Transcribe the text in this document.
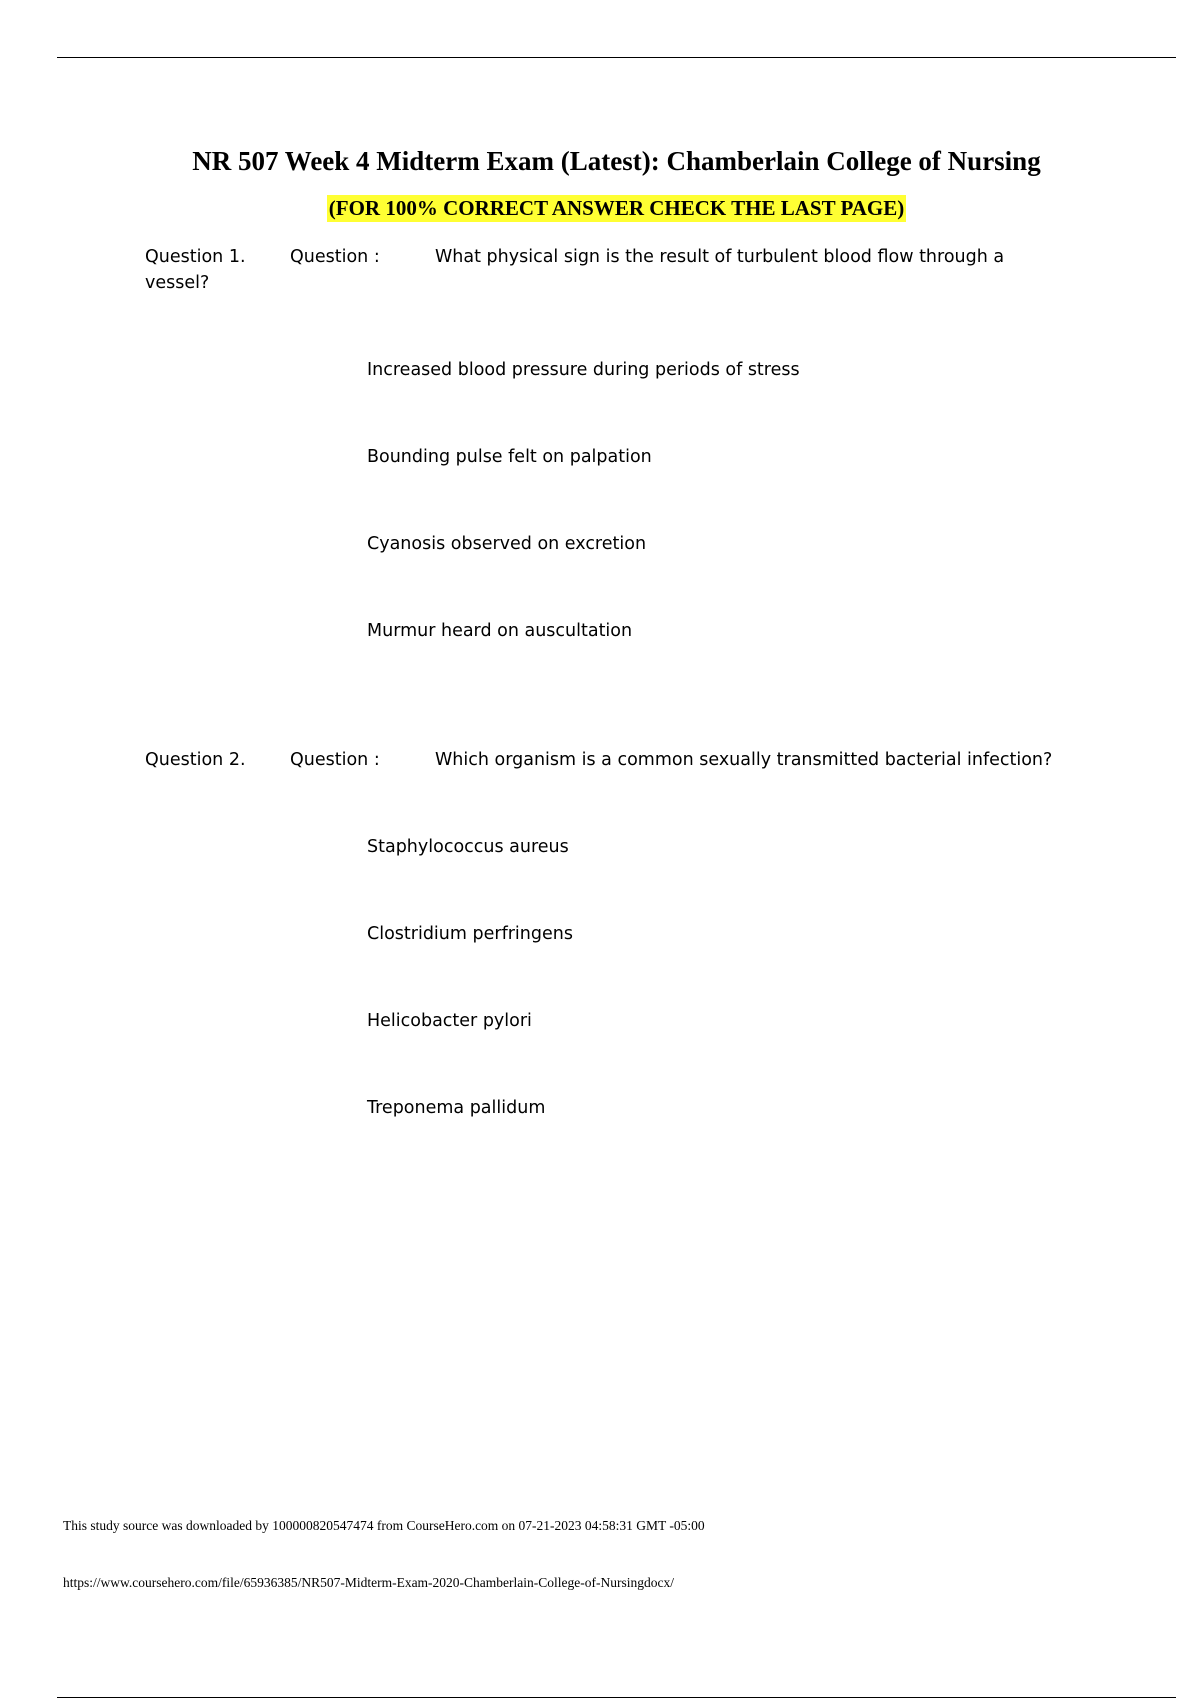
NR 507 Week 4 Midterm Exam (Latest): Chamberlain College of Nursing
(FOR 100% CORRECT ANSWER CHECK THE LAST PAGE)
Question 1.	Question :	What physical sign is the result of turbulent blood flow through a
vessel?
Increased blood pressure during periods of stress
Bounding pulse felt on palpation
Cyanosis observed on excretion
Murmur heard on auscultation
Question 2.	Question :	Which organism is a common sexually transmitted bacterial infection?
Staphylococcus aureus
Clostridium perfringens
Helicobacter pylori
Treponema pallidum
This study source was downloaded by 100000820547474 from CourseHero.com on 07-21-2023 04:58:31 GMT -05:00
https://www.coursehero.com/file/65936385/NR507-Midterm-Exam-2020-Chamberlain-College-of-Nursingdocx/
